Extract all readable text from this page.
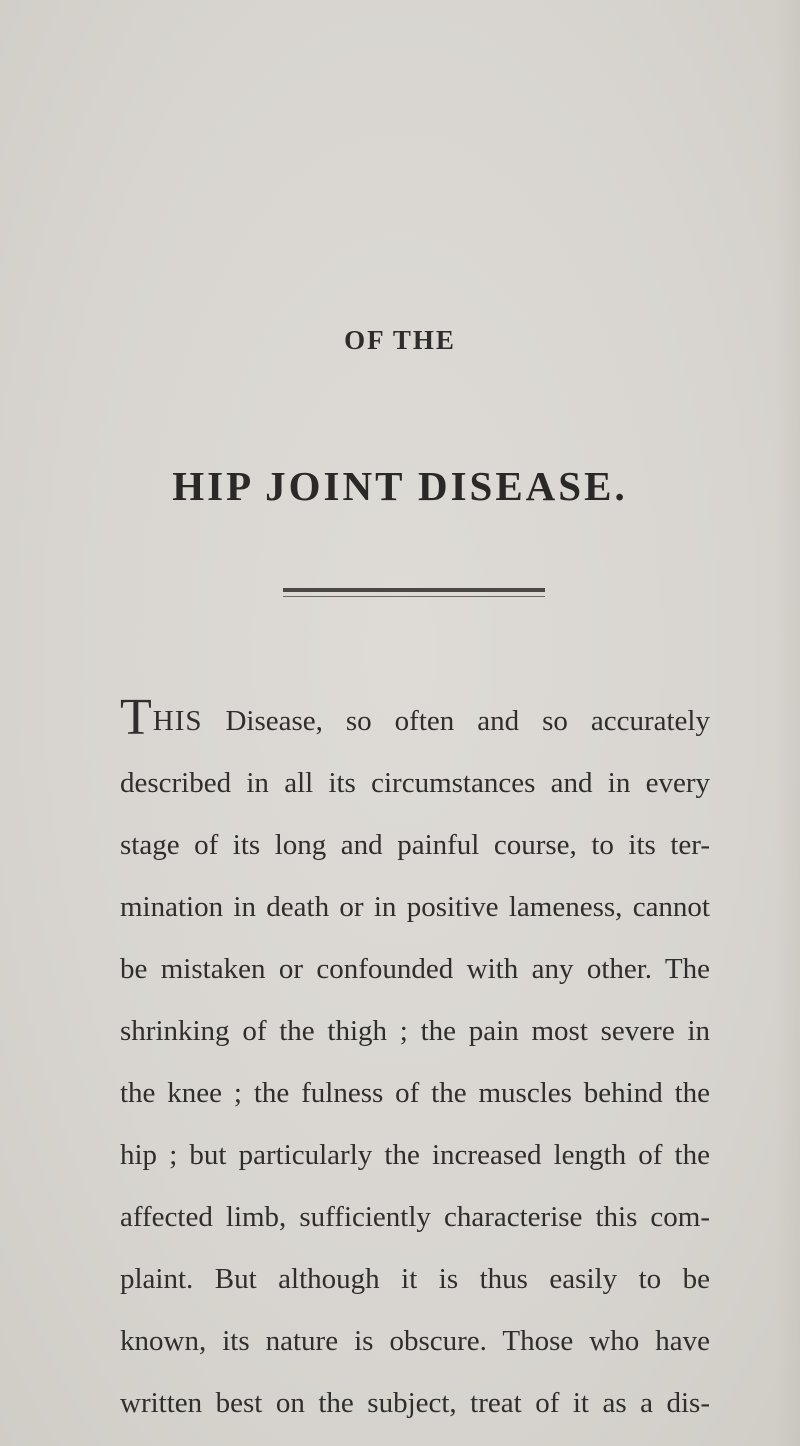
OF THE
HIP JOINT DISEASE.
THIS Disease, so often and so accurately
described in all its circumstances and in every
stage of its long and painful course, to its ter-
mination in death or in positive lameness, cannot
be mistaken or confounded with any other. The
shrinking of the thigh ; the pain most severe in
the knee ; the fulness of the muscles behind the
hip ; but particularly the increased length of the
affected limb, sufficiently characterise this com-
plaint. But although it is thus easily to be
known, its nature is obscure. Those who have
written best on the subject, treat of it as a dis-
